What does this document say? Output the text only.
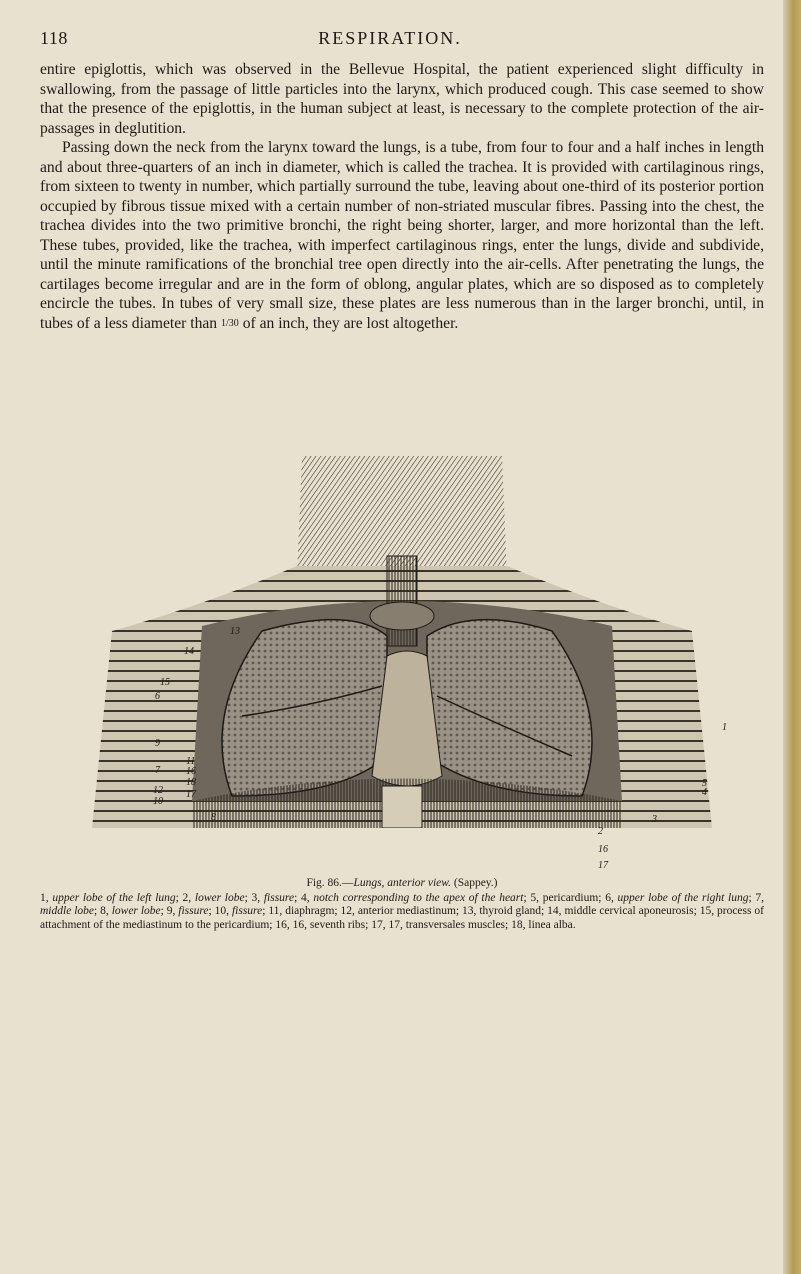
118	RESPIRATION.

entire epiglottis, which was observed in the Bellevue Hospital, the patient experienced slight difficulty in swallowing, from the passage of little particles into the larynx, which produced cough. This case seemed to show that the presence of the epiglottis, in the human subject at least, is necessary to the complete protection of the air-passages in deglutition.

Passing down the neck from the larynx toward the lungs, is a tube, from four to four and a half inches in length and about three-quarters of an inch in diameter, which is called the trachea. It is provided with cartilaginous rings, from sixteen to twenty in number, which partially surround the tube, leaving about one-third of its posterior portion occupied by fibrous tissue mixed with a certain number of non-striated muscular fibres. Passing into the chest, the trachea divides into the two primitive bronchi, the right being shorter, larger, and more horizontal than the left. These tubes, provided, like the trachea, with imperfect cartilaginous rings, enter the lungs, divide and subdivide, until the minute ramifications of the bronchial tree open directly into the air-cells. After penetrating the lungs, the cartilages become irregular and are in the form of oblong, angular plates, which are so disposed as to completely encircle the tubes. In tubes of very small size, these plates are less numerous than in the larger bronchi, until, in tubes of a less diameter than 1/30 of an inch, they are lost altogether.

13
14
15
6
9
7
12
10
1
5
4
3
8
11
16
18
17
2
16
17
Fig. 86.—Lungs, anterior view. (Sappey.)
1, upper lobe of the left lung; 2, lower lobe; 3, fissure; 4, notch corresponding to the apex of the heart; 5, pericardium; 6, upper lobe of the right lung; 7, middle lobe; 8, lower lobe; 9, fissure; 10, fissure; 11, diaphragm; 12, anterior mediastinum; 13, thyroid gland; 14, middle cervical aponeurosis; 15, process of attachment of the mediastinum to the pericardium; 16, 16, seventh ribs; 17, 17, transversales muscles; 18, linea alba.
